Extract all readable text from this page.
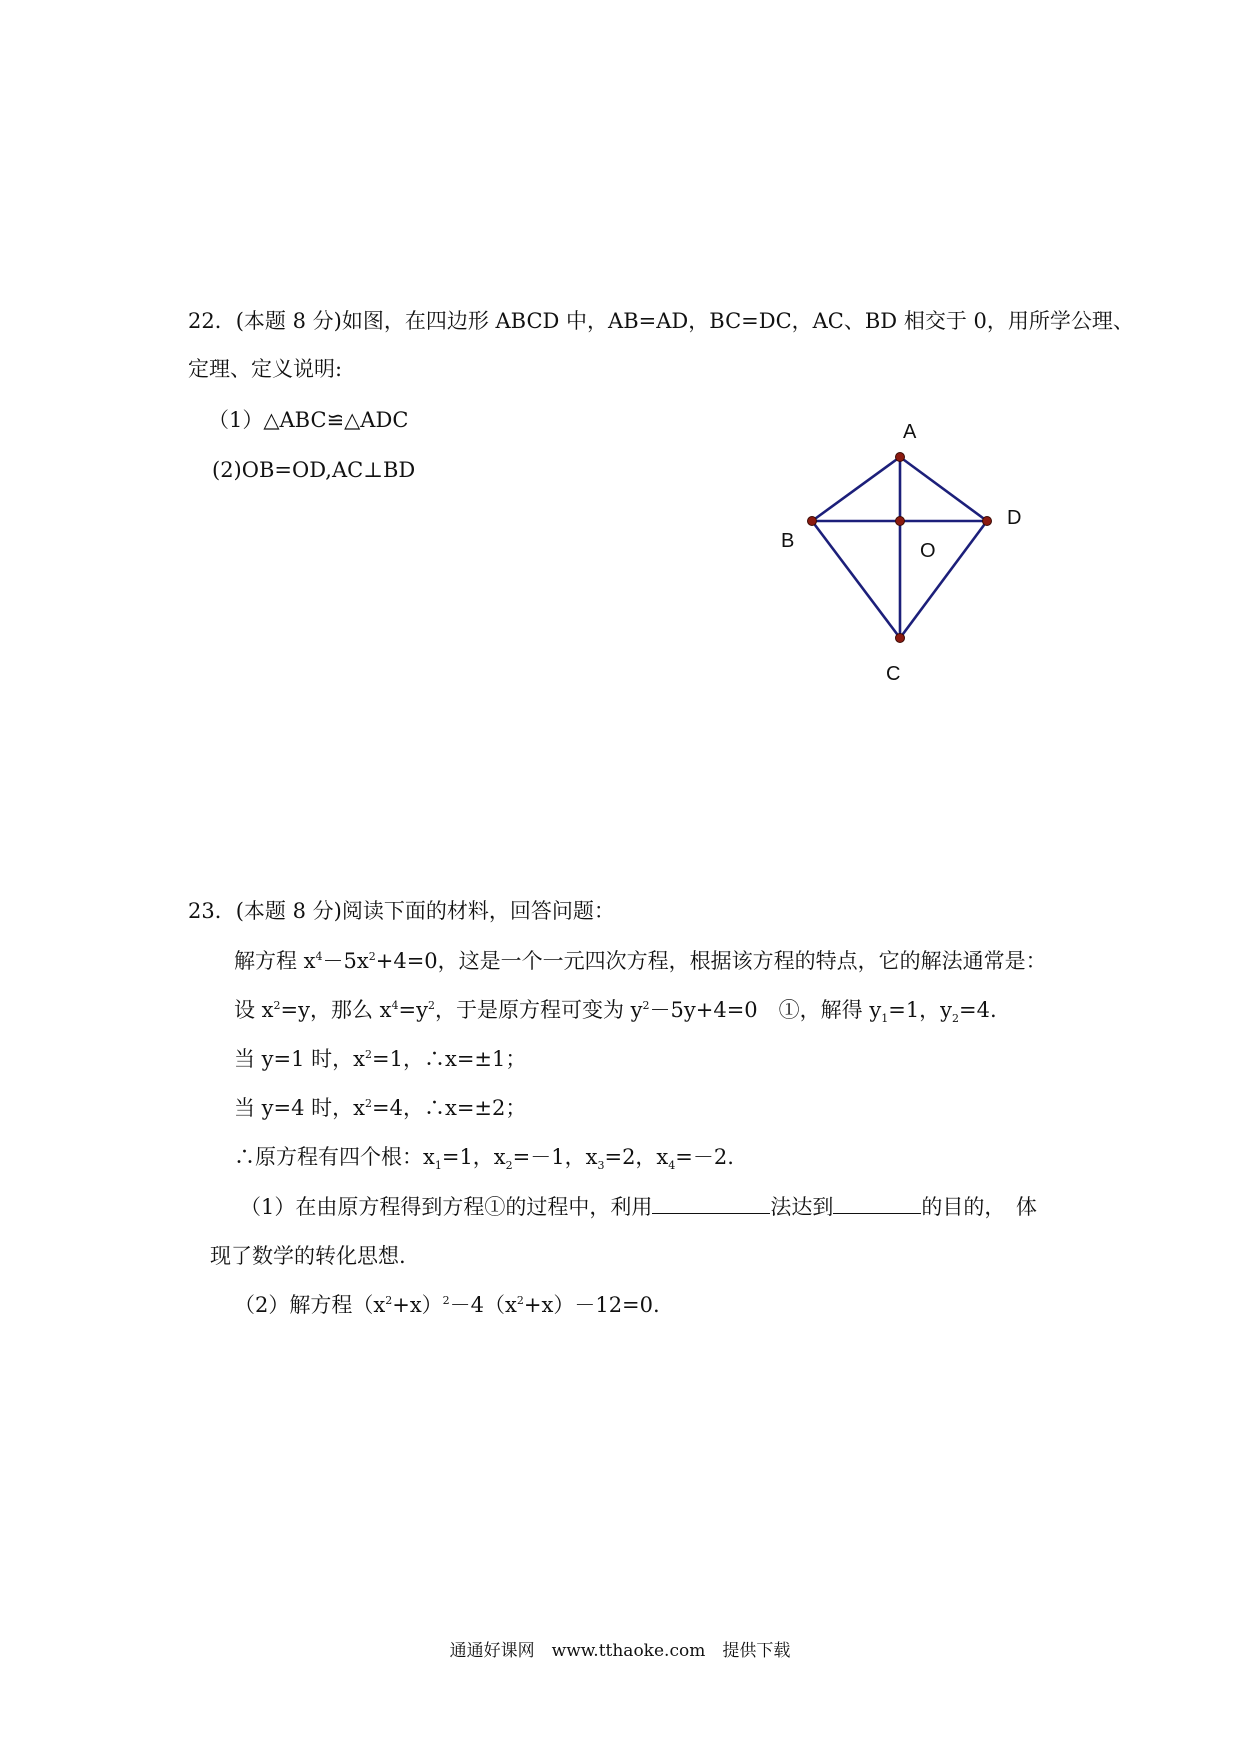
22．(本题 8 分)如图，在四边形 ABCD 中，AB=AD，BC=DC，AC、BD 相交于 0，用所学公理、
定理、定义说明:
（1）△ABC≌△ADC
(2)OB=OD,AC⊥BD
A
B
C
D
O
23．(本题 8 分)阅读下面的材料，回答问题：
解方程 $x^4-5x^2+4=0$，这是一个一元四次方程，根据该方程的特点，它的解法通常是：
设 $x^2=y$，那么 $x^4=y^2$，于是原方程可变为 $y^2-5y+4=0$　①，解得 $y_1=1$，$y_2=4$.
当 y=1 时，$x^2=1$，∴x=±1；
当 y=4 时，$x^2=4$，∴x=±2；
∴原方程有四个根：$x_1=1$，$x_2=-1$，$x_3=2$，$x_4=-2$.
（1）在由原方程得到方程①的过程中，利用	法达到	的目的，　体
现了数学的转化思想.
（2）解方程$(x^2+x)^2-4(x^2+x)-12=0$.
通通好课网　www.tthaoke.com　提供下载
